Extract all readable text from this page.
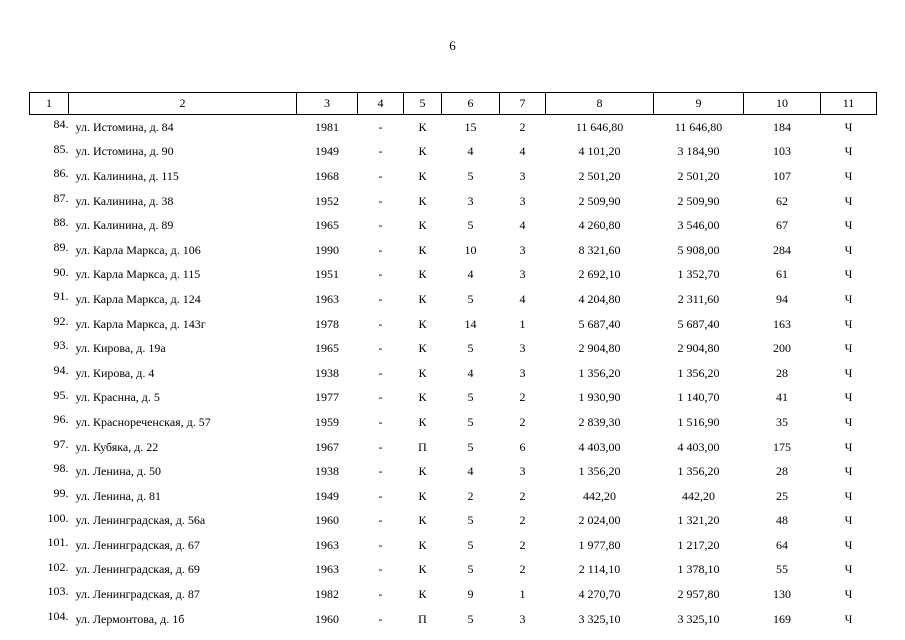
6
1	2	3	4	5	6	7	8	9	10	11
84.	ул. Истомина, д. 84	1981	-	К	15	2	11 646,80	11 646,80	184	Ч
85.	ул. Истомина, д. 90	1949	-	К	4	4	4 101,20	3 184,90	103	Ч
86.	ул. Калинина, д. 115	1968	-	К	5	3	2 501,20	2 501,20	107	Ч
87.	ул. Калинина, д. 38	1952	-	К	3	3	2 509,90	2 509,90	62	Ч
88.	ул. Калинина, д. 89	1965	-	К	5	4	4 260,80	3 546,00	67	Ч
89.	ул. Карла Маркса, д. 106	1990	-	К	10	3	8 321,60	5 908,00	284	Ч
90.	ул. Карла Маркса, д. 115	1951	-	К	4	3	2 692,10	1 352,70	61	Ч
91.	ул. Карла Маркса, д. 124	1963	-	К	5	4	4 204,80	2 311,60	94	Ч
92.	ул. Карла Маркса, д. 143г	1978	-	К	14	1	5 687,40	5 687,40	163	Ч
93.	ул. Кирова, д. 19а	1965	-	К	5	3	2 904,80	2 904,80	200	Ч
94.	ул. Кирова, д. 4	1938	-	К	4	3	1 356,20	1 356,20	28	Ч
95.	ул. Краснна, д. 5	1977	-	К	5	2	1 930,90	1 140,70	41	Ч
96.	ул. Краснореченская, д. 57	1959	-	К	5	2	2 839,30	1 516,90	35	Ч
97.	ул. Кубяка, д. 22	1967	-	П	5	6	4 403,00	4 403,00	175	Ч
98.	ул. Ленина, д. 50	1938	-	К	4	3	1 356,20	1 356,20	28	Ч
99.	ул. Ленина, д. 81	1949	-	К	2	2	442,20	442,20	25	Ч
100.	ул. Ленинградская, д. 56а	1960	-	К	5	2	2 024,00	1 321,20	48	Ч
101.	ул. Ленинградская, д. 67	1963	-	К	5	2	1 977,80	1 217,20	64	Ч
102.	ул. Ленинградская, д. 69	1963	-	К	5	2	2 114,10	1 378,10	55	Ч
103.	ул. Ленинградская, д. 87	1982	-	К	9	1	4 270,70	2 957,80	130	Ч
104.	ул. Лермонтова, д. 1б	1960	-	П	5	3	3 325,10	3 325,10	169	Ч
